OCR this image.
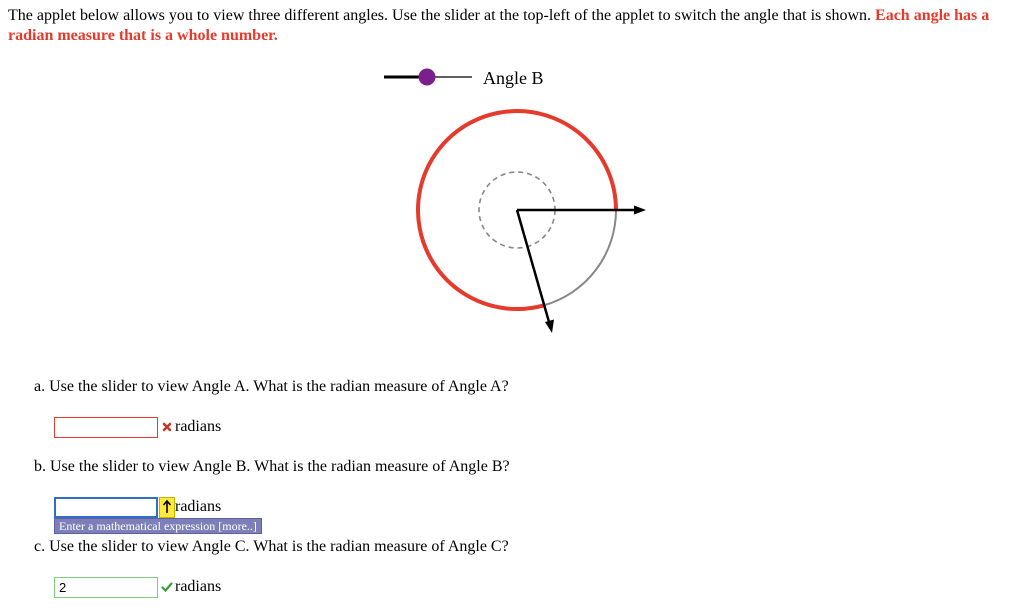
The applet below allows you to view three different angles. Use the slider at the top-left of the applet to switch the angle that is shown. Each angle has a radian measure that is a whole number.
Angle B
a. Use the slider to view Angle A. What is the radian measure of Angle A?
radians
b. Use the slider to view Angle B. What is the radian measure of Angle B?
radians
Enter a mathematical expression [more..]
c. Use the slider to view Angle C. What is the radian measure of Angle C?
2
radians
